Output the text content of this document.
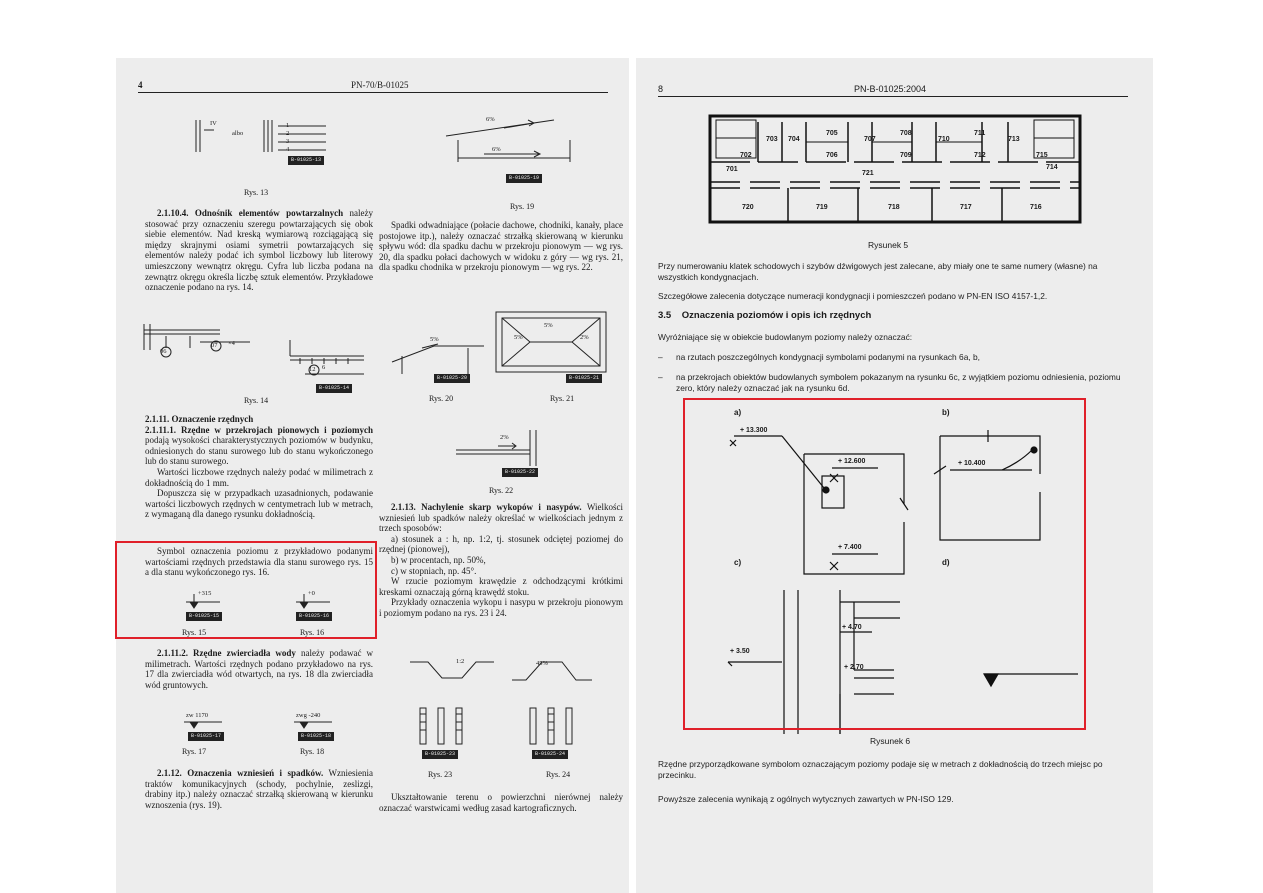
4	PN-70/B-01025
IV
albo
1
2
3
4
B-01025-13
Rys. 13
6%
6%
B-01025-19
Rys. 19

2.1.10.4. Odnośnik elementów powtarzalnych należy stosować przy oznaczeniu szeregu powtarzających się obok siebie elementów. Nad kreską wymiarową rozciągającą się między skrajnymi osiami symetrii powtarzających się elementów należy podać ich symbol liczbowy lub literowy umieszczony wewnątrz okręgu. Cyfra lub liczba podana na zewnątrz okręgu określa liczbę sztuk elementów. Przykładowe oznaczenie podano na rys. 14.

Spadki odwadniające (połacie dachowe, chodniki, kanały, place postojowe itp.), należy oznaczać strzałką skierowaną w kierunku spływu wód: dla spadku dachu w przekroju pionowym — wg rys. 20, dla spadku połaci dachowych w widoku z góry — wg rys. 21, dla spadku chodnika w przekroju pionowym — wg rys. 22.

06
07 ×4
12 6
B-01025-14
Rys. 14
5%
B-01025-20
Rys. 20
5%
5%	2%
B-01025-21
Rys. 21

2.1.11. Oznaczenie rzędnych

2.1.11.1. Rzędne w przekrojach pionowych i poziomych podają wysokości charakterystycznych poziomów w budynku, odniesionych do stanu surowego lub do stanu wykończonego lub do stanu surowego.

Wartości liczbowe rzędnych należy podać w milimetrach z dokładnością do 1 mm.

Dopuszcza się w przypadkach uzasadnionych, podawanie wartości liczbowych rzędnych w centymetrach lub w metrach, z wymaganą dla danego rysunku dokładnością.

Symbol oznaczenia poziomu z przykładowo podanymi wartościami rzędnych przedstawia dla stanu surowego rys. 15 a dla stanu wykończonego rys. 16.

+315	+0
B-01025-15	B-01025-16
Rys. 15	Rys. 16
2%
B-01025-22
Rys. 22

2.1.13. Nachylenie skarp wykopów i nasypów. Wielkości wzniesień lub spadków należy określać w wielkościach jednym z trzech sposobów:

a) stosunek a : h, np. 1:2, tj. stosunek odciętej poziomej do rzędnej (pionowej),

b) w procentach, np. 50%,

c) w stopniach, np. 45°.

W rzucie poziomym krawędzie z odchodzącymi krótkimi kreskami oznaczają górną krawędź stoku.

Przykłady oznaczenia wykopu i nasypu w przekroju pionowym i poziomym podano na rys. 23 i 24.

2.1.11.2. Rzędne zwierciadła wody należy podawać w milimetrach. Wartości rzędnych podano przykładowo na rys. 17 dla zwierciadła wód otwartych, na rys. 18 dla zwierciadła wód gruntowych.

zw 1170	zwg -240
B-01025-17	B-01025-18
Rys. 17	Rys. 18
1:2	45%
B-01025-23	B-01025-24
Rys. 23	Rys. 24

2.1.12. Oznaczenia wzniesień i spadków. Wzniesienia traktów komunikacyjnych (schody, pochylnie, zeslizgi, drabiny itp.) należy oznaczać strzałką skierowaną w kierunku wznoszenia (rys. 19).

Ukształtowanie terenu o powierzchni nierównej należy oznaczać warstwicami według zasad kartograficznych.

8	PN-B-01025:2004
703 704
705
706
707
708
709
710
711
712
713
701
702
714
715
721
720	719	718	717	716
Rysunek 5

Przy numerowaniu klatek schodowych i szybów dźwigowych jest zalecane, aby miały one te same numery (własne) na wszystkich kondygnacjach.

Szczegółowe zalecenia dotyczące numeracji kondygnacji i pomieszczeń podano w PN-EN ISO 4157-1,2.

3.5 Oznaczenia poziomów i opis ich rzędnych

Wyróżniające się w obiekcie budowlanym poziomy należy oznaczać:

– na rzutach poszczególnych kondygnacji symbolami podanymi na rysunkach 6a, b,

– na przekrojach obiektów budowlanych symbolem pokazanym na rysunku 6c, z wyjątkiem poziomu odniesienia, poziomu zero, który należy oznaczać jak na rysunku 6d.

a)	b)
c)	d)
+ 13.300
+ 12.600
+ 7.400
+ 10.400
+ 4.70
+ 3.50
+ 2.70
Rysunek 6

Rzędne przyporządkowane symbolom oznaczającym poziomy podaje się w metrach z dokładnością do trzech miejsc po przecinku.

Powyższe zalecenia wynikają z ogólnych wytycznych zawartych w PN-ISO 129.
